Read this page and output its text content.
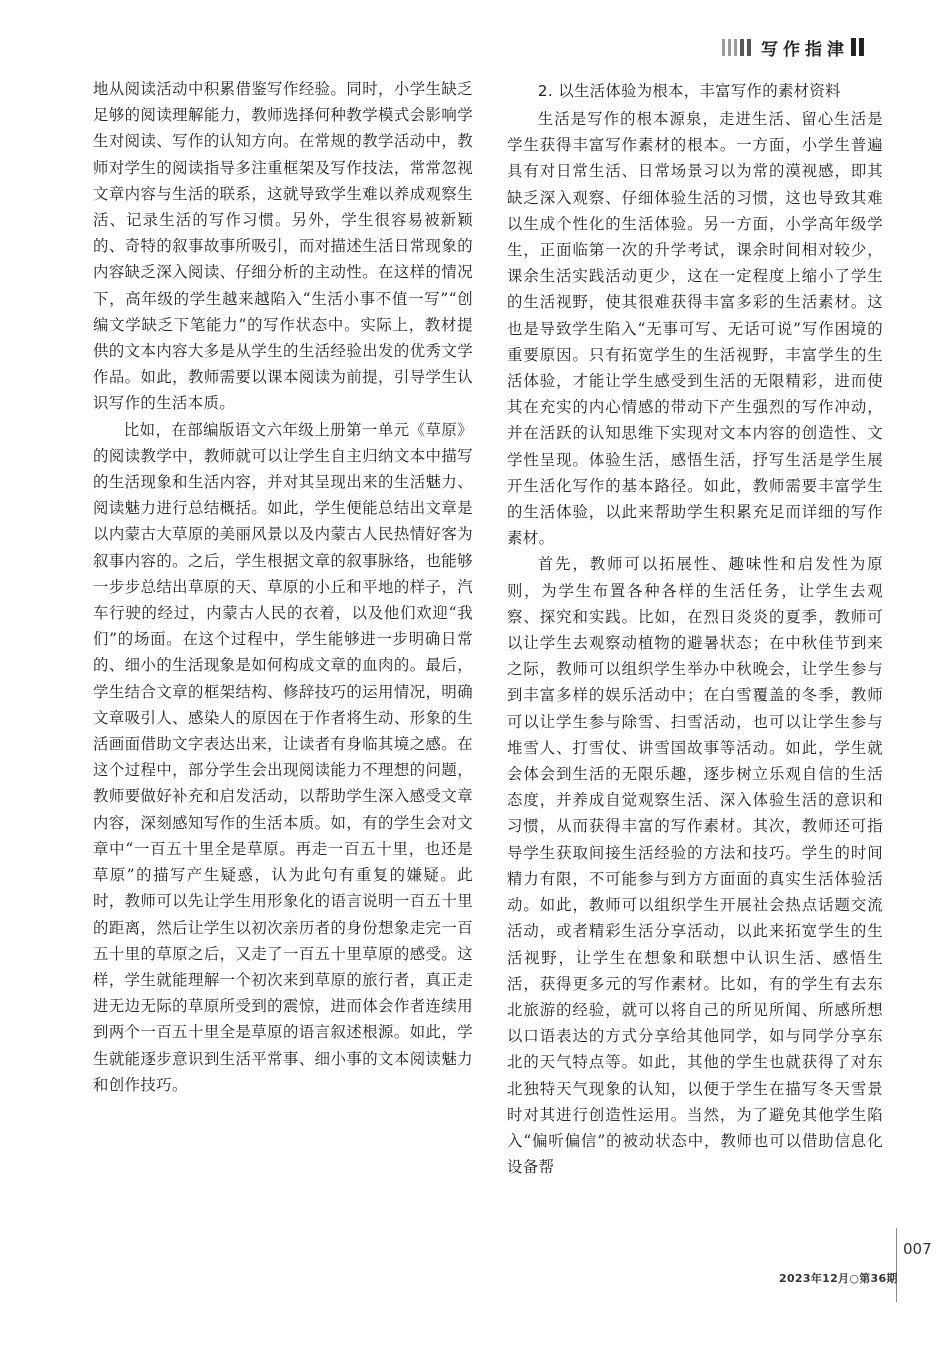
写作指津

地从阅读活动中积累借鉴写作经验。同时，小学生缺乏足够的阅读理解能力，教师选择何种教学模式会影响学生对阅读、写作的认知方向。在常规的教学活动中，教师对学生的阅读指导多注重框架及写作技法，常常忽视文章内容与生活的联系，这就导致学生难以养成观察生活、记录生活的写作习惯。另外，学生很容易被新颖的、奇特的叙事故事所吸引，而对描述生活日常现象的内容缺乏深入阅读、仔细分析的主动性。在这样的情况下，高年级的学生越来越陷入“生活小事不值一写”“创编文学缺乏下笔能力”的写作状态中。实际上，教材提供的文本内容大多是从学生的生活经验出发的优秀文学作品。如此，教师需要以课本阅读为前提，引导学生认识写作的生活本质。

比如，在部编版语文六年级上册第一单元《草原》的阅读教学中，教师就可以让学生自主归纳文本中描写的生活现象和生活内容，并对其呈现出来的生活魅力、阅读魅力进行总结概括。如此，学生便能总结出文章是以内蒙古大草原的美丽风景以及内蒙古人民热情好客为叙事内容的。之后，学生根据文章的叙事脉络，也能够一步步总结出草原的天、草原的小丘和平地的样子，汽车行驶的经过，内蒙古人民的衣着，以及他们欢迎“我们”的场面。在这个过程中，学生能够进一步明确日常的、细小的生活现象是如何构成文章的血肉的。最后，学生结合文章的框架结构、修辞技巧的运用情况，明确文章吸引人、感染人的原因在于作者将生动、形象的生活画面借助文字表达出来，让读者有身临其境之感。在这个过程中，部分学生会出现阅读能力不理想的问题，教师要做好补充和启发活动，以帮助学生深入感受文章内容，深刻感知写作的生活本质。如，有的学生会对文章中“一百五十里全是草原。再走一百五十里，也还是草原”的描写产生疑惑，认为此句有重复的嫌疑。此时，教师可以先让学生用形象化的语言说明一百五十里的距离，然后让学生以初次亲历者的身份想象走完一百五十里的草原之后，又走了一百五十里草原的感受。这样，学生就能理解一个初次来到草原的旅行者，真正走进无边无际的草原所受到的震惊，进而体会作者连续用到两个一百五十里全是草原的语言叙述根源。如此，学生就能逐步意识到生活平常事、细小事的文本阅读魅力和创作技巧。

2. 以生活体验为根本，丰富写作的素材资料

生活是写作的根本源泉，走进生活、留心生活是学生获得丰富写作素材的根本。一方面，小学生普遍具有对日常生活、日常场景习以为常的漠视感，即其缺乏深入观察、仔细体验生活的习惯，这也导致其难以生成个性化的生活体验。另一方面，小学高年级学生，正面临第一次的升学考试，课余时间相对较少，课余生活实践活动更少，这在一定程度上缩小了学生的生活视野，使其很难获得丰富多彩的生活素材。这也是导致学生陷入“无事可写、无话可说”写作困境的重要原因。只有拓宽学生的生活视野，丰富学生的生活体验，才能让学生感受到生活的无限精彩，进而使其在充实的内心情感的带动下产生强烈的写作冲动，并在活跃的认知思维下实现对文本内容的创造性、文学性呈现。体验生活，感悟生活，抒写生活是学生展开生活化写作的基本路径。如此，教师需要丰富学生的生活体验，以此来帮助学生积累充足而详细的写作素材。

首先，教师可以拓展性、趣味性和启发性为原则，为学生布置各种各样的生活任务，让学生去观察、探究和实践。比如，在烈日炎炎的夏季，教师可以让学生去观察动植物的避暑状态；在中秋佳节到来之际，教师可以组织学生举办中秋晚会，让学生参与到丰富多样的娱乐活动中；在白雪覆盖的冬季，教师可以让学生参与除雪、扫雪活动，也可以让学生参与堆雪人、打雪仗、讲雪国故事等活动。如此，学生就会体会到生活的无限乐趣，逐步树立乐观自信的生活态度，并养成自觉观察生活、深入体验生活的意识和习惯，从而获得丰富的写作素材。其次，教师还可指导学生获取间接生活经验的方法和技巧。学生的时间精力有限，不可能参与到方方面面的真实生活体验活动。如此，教师可以组织学生开展社会热点话题交流活动，或者精彩生活分享活动，以此来拓宽学生的生活视野，让学生在想象和联想中认识生活、感悟生活，获得更多元的写作素材。比如，有的学生有去东北旅游的经验，就可以将自己的所见所闻、所感所想以口语表达的方式分享给其他同学，如与同学分享东北的天气特点等。如此，其他的学生也就获得了对东北独特天气现象的认知，以便于学生在描写冬天雪景时对其进行创造性运用。当然，为了避免其他学生陷入“偏听偏信”的被动状态中，教师也可以借助信息化设备帮

007
2023年12月○第36期
